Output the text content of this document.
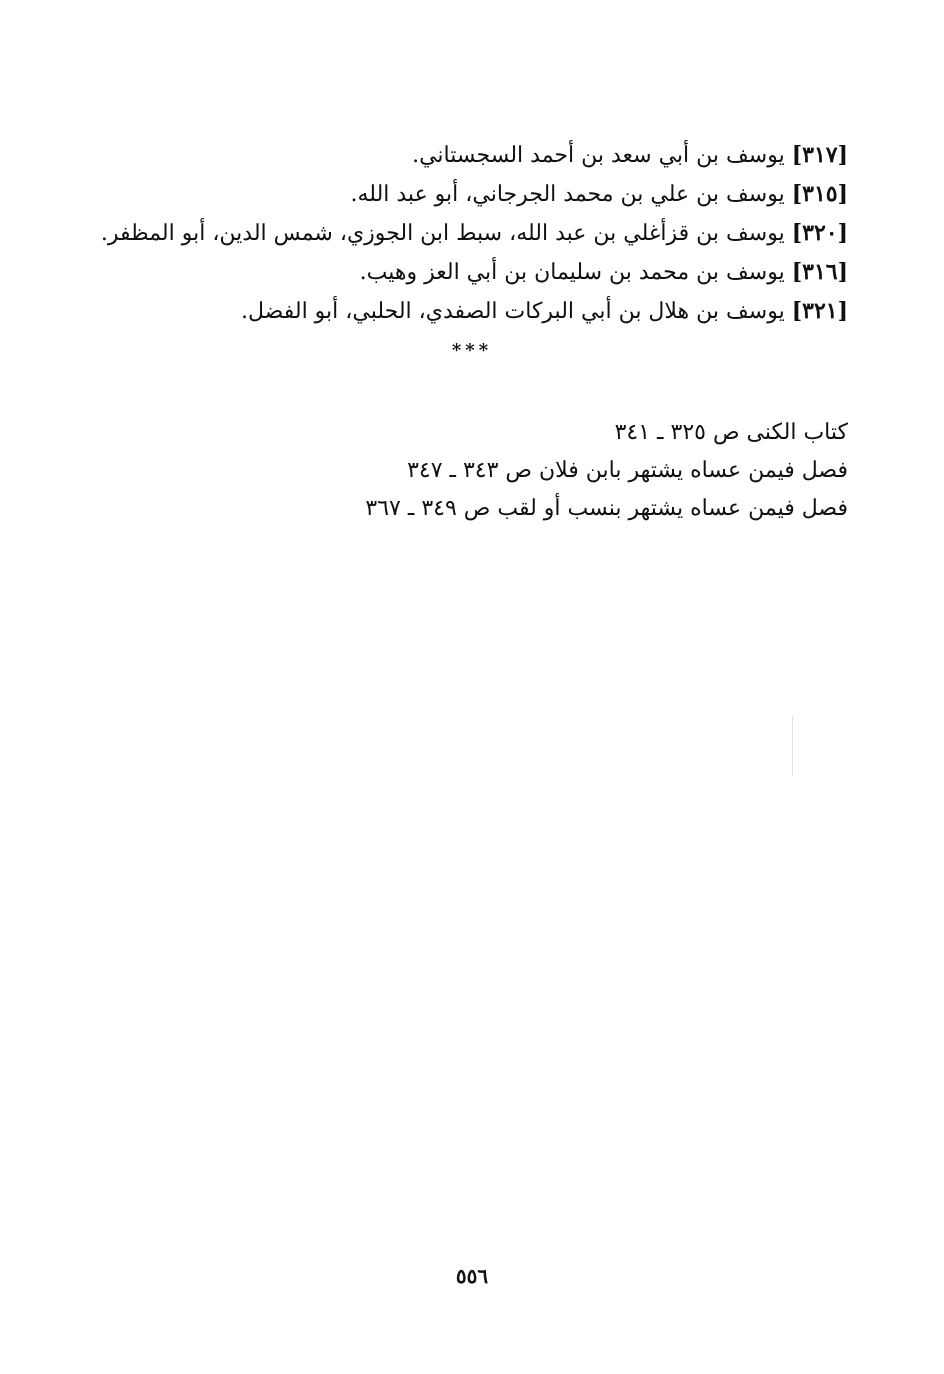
[٣١٧] يوسف بن أبي سعد بن أحمد السجستاني.
[٣١٥] يوسف بن علي بن محمد الجرجاني، أبو عبد الله.
[٣٢٠] يوسف بن قزأغلي بن عبد الله، سبط ابن الجوزي، شمس الدين، أبو المظفر.
[٣١٦] يوسف بن محمد بن سليمان بن أبي العز وهيب.
[٣٢١] يوسف بن هلال بن أبي البركات الصفدي، الحلبي، أبو الفضل.
***
كتاب الكنى ص ٣٢٥ ـ ٣٤١
فصل فيمن عساه يشتهر بابن فلان ص ٣٤٣ ـ ٣٤٧
فصل فيمن عساه يشتهر بنسب أو لقب ص ٣٤٩ ـ ٣٦٧
٥٥٦
